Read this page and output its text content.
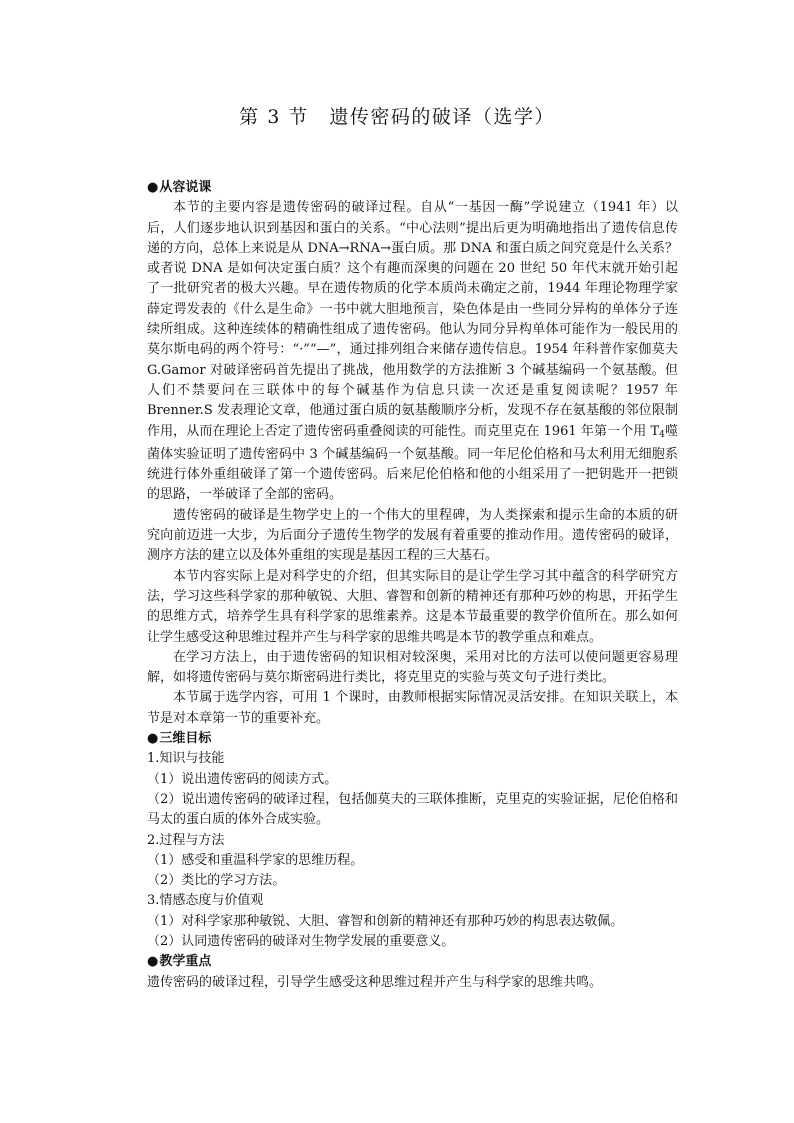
第 3 节　遗传密码的破译（选学）
●从容说课

本节的主要内容是遗传密码的破译过程。自从“一基因一酶”学说建立（1941 年）以后，人们逐步地认识到基因和蛋白的关系。“中心法则”提出后更为明确地指出了遗传信息传递的方向，总体上来说是从 DNA→RNA→蛋白质。那 DNA 和蛋白质之间究竟是什么关系？或者说 DNA 是如何决定蛋白质？这个有趣而深奥的问题在 20 世纪 50 年代末就开始引起了一批研究者的极大兴趣。早在遗传物质的化学本质尚未确定之前，1944 年理论物理学家薛定谔发表的《什么是生命》一书中就大胆地预言，染色体是由一些同分异构的单体分子连续所组成。这种连续体的精确性组成了遗传密码。他认为同分异构单体可能作为一般民用的莫尔斯电码的两个符号：“·”“—”，通过排列组合来储存遗传信息。1954 年科普作家伽莫夫 G.Gamor 对破译密码首先提出了挑战，他用数学的方法推断 3 个碱基编码一个氨基酸。但人们不禁要问在三联体中的每个碱基作为信息只读一次还是重复阅读呢？1957 年 Brenner.S 发表理论文章，他通过蛋白质的氨基酸顺序分析，发现不存在氨基酸的邻位限制作用，从而在理论上否定了遗传密码重叠阅读的可能性。而克里克在 1961 年第一个用 $T_4$噬菌体实验证明了遗传密码中 3 个碱基编码一个氨基酸。同一年尼伦伯格和马太利用无细胞系统进行体外重组破译了第一个遗传密码。后来尼伦伯格和他的小组采用了一把钥匙开一把锁的思路，一举破译了全部的密码。

遗传密码的破译是生物学史上的一个伟大的里程碑，为人类探索和提示生命的本质的研究向前迈进一大步，为后面分子遗传生物学的发展有着重要的推动作用。遗传密码的破译，测序方法的建立以及体外重组的实现是基因工程的三大基石。

本节内容实际上是对科学史的介绍，但其实际目的是让学生学习其中蕴含的科学研究方法，学习这些科学家的那种敏锐、大胆、睿智和创新的精神还有那种巧妙的构思，开拓学生的思维方式，培养学生具有科学家的思维素养。这是本节最重要的教学价值所在。那么如何让学生感受这种思维过程并产生与科学家的思维共鸣是本节的教学重点和难点。

在学习方法上，由于遗传密码的知识相对较深奥，采用对比的方法可以使问题更容易理解，如将遗传密码与莫尔斯密码进行类比，将克里克的实验与英文句子进行类比。

本节属于选学内容，可用 1 个课时，由教师根据实际情况灵活安排。在知识关联上，本节是对本章第一节的重要补充。

●三维目标

1.知识与技能

（1）说出遗传密码的阅读方式。

（2）说出遗传密码的破译过程，包括伽莫夫的三联体推断，克里克的实验证据，尼伦伯格和马太的蛋白质的体外合成实验。

2.过程与方法

（1）感受和重温科学家的思维历程。

（2）类比的学习方法。

3.情感态度与价值观

（1）对科学家那种敏锐、大胆、睿智和创新的精神还有那种巧妙的构思表达敬佩。

（2）认同遗传密码的破译对生物学发展的重要意义。

●教学重点

遗传密码的破译过程，引导学生感受这种思维过程并产生与科学家的思维共鸣。
